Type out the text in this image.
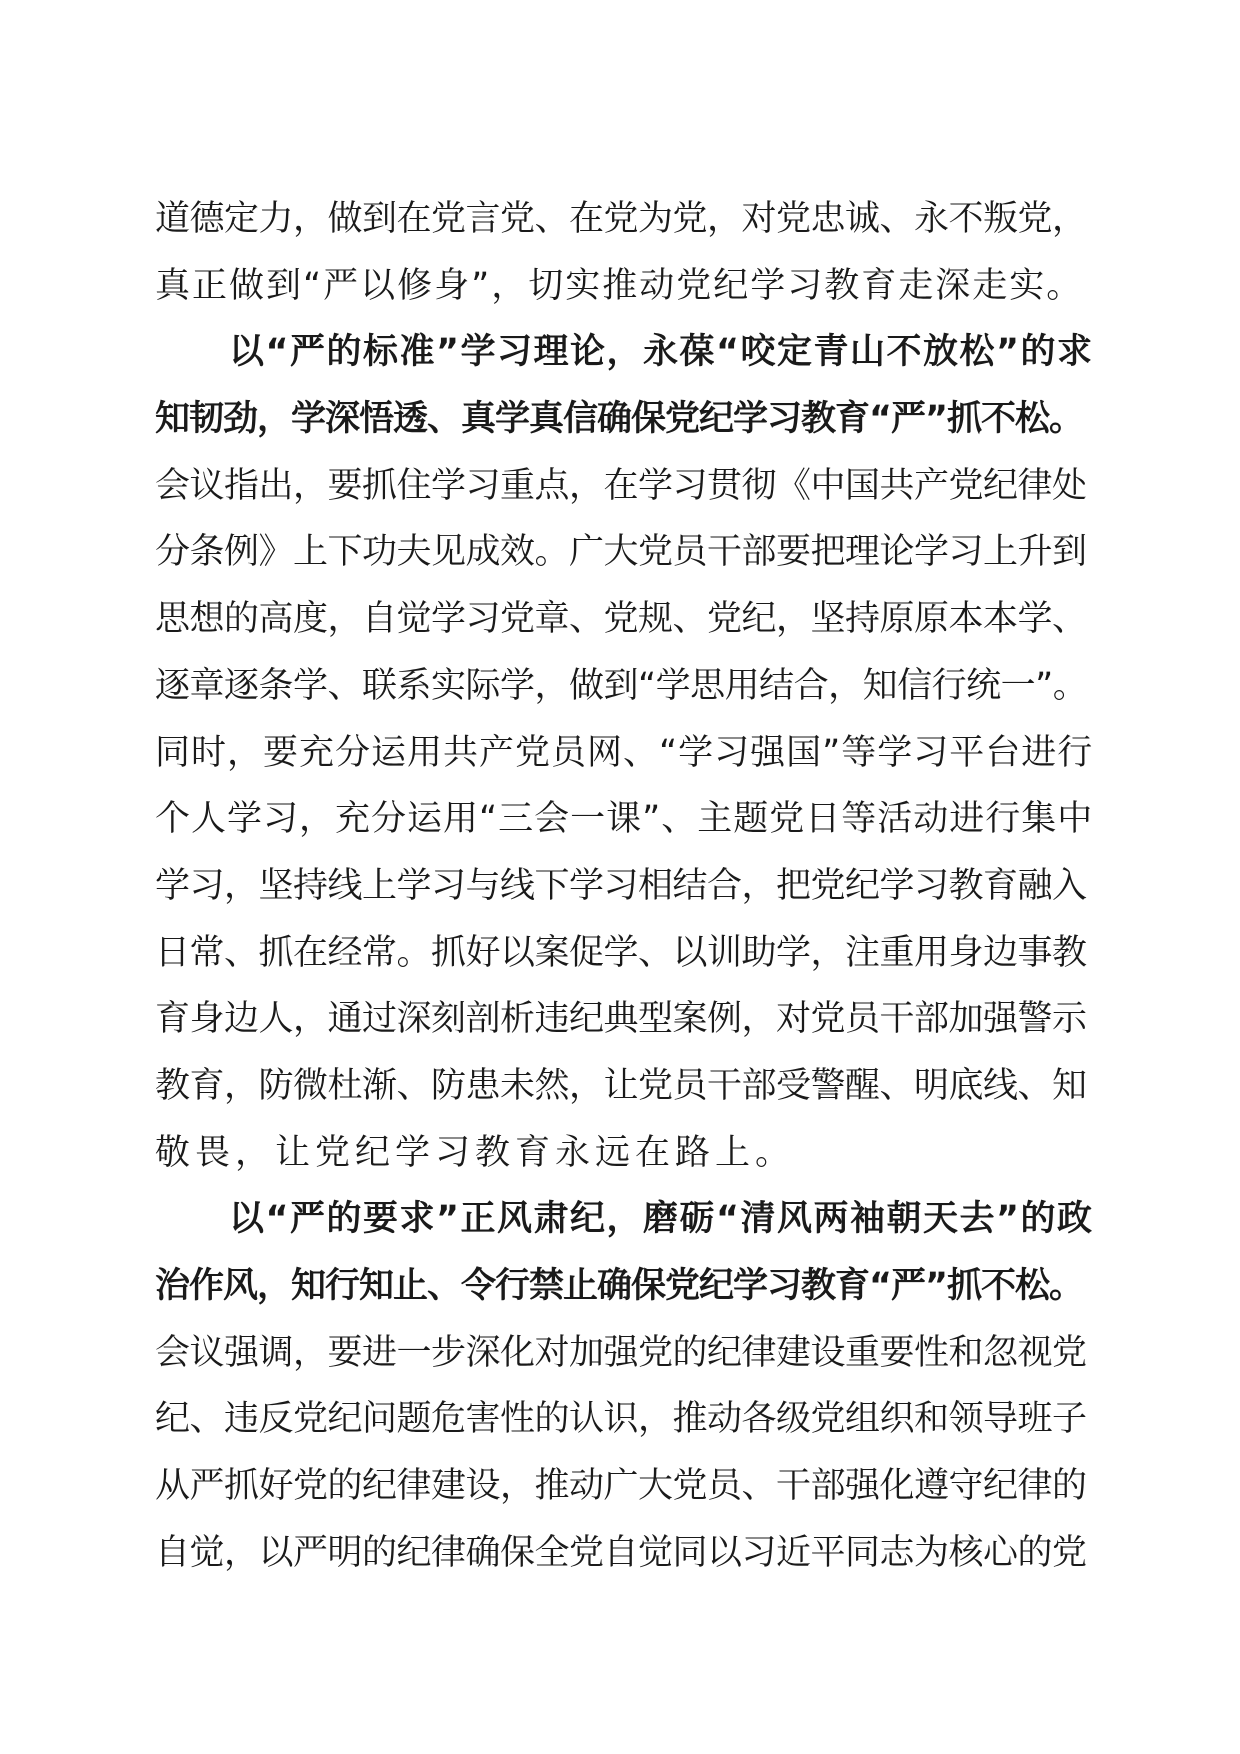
道德定力，做到在党言党、在党为党，对党忠诚、永不叛党，
真正做到“严以修身”，切实推动党纪学习教育走深走实。
以“严的标准”学习理论，永葆“咬定青山不放松”的求
知韧劲，学深悟透、真学真信确保党纪学习教育“严”抓不松。
会议指出，要抓住学习重点，在学习贯彻《中国共产党纪律处
分条例》上下功夫见成效。广大党员干部要把理论学习上升到
思想的高度，自觉学习党章、党规、党纪，坚持原原本本学、
逐章逐条学、联系实际学，做到“学思用结合，知信行统一”。
同时，要充分运用共产党员网、“学习强国”等学习平台进行
个人学习，充分运用“三会一课”、主题党日等活动进行集中
学习，坚持线上学习与线下学习相结合，把党纪学习教育融入
日常、抓在经常。抓好以案促学、以训助学，注重用身边事教
育身边人，通过深刻剖析违纪典型案例，对党员干部加强警示
教育，防微杜渐、防患未然，让党员干部受警醒、明底线、知
敬畏，让党纪学习教育永远在路上。
以“严的要求”正风肃纪，磨砺“清风两袖朝天去”的政
治作风，知行知止、令行禁止确保党纪学习教育“严”抓不松。
会议强调，要进一步深化对加强党的纪律建设重要性和忽视党
纪、违反党纪问题危害性的认识，推动各级党组织和领导班子
从严抓好党的纪律建设，推动广大党员、干部强化遵守纪律的
自觉，以严明的纪律确保全党自觉同以习近平同志为核心的党
